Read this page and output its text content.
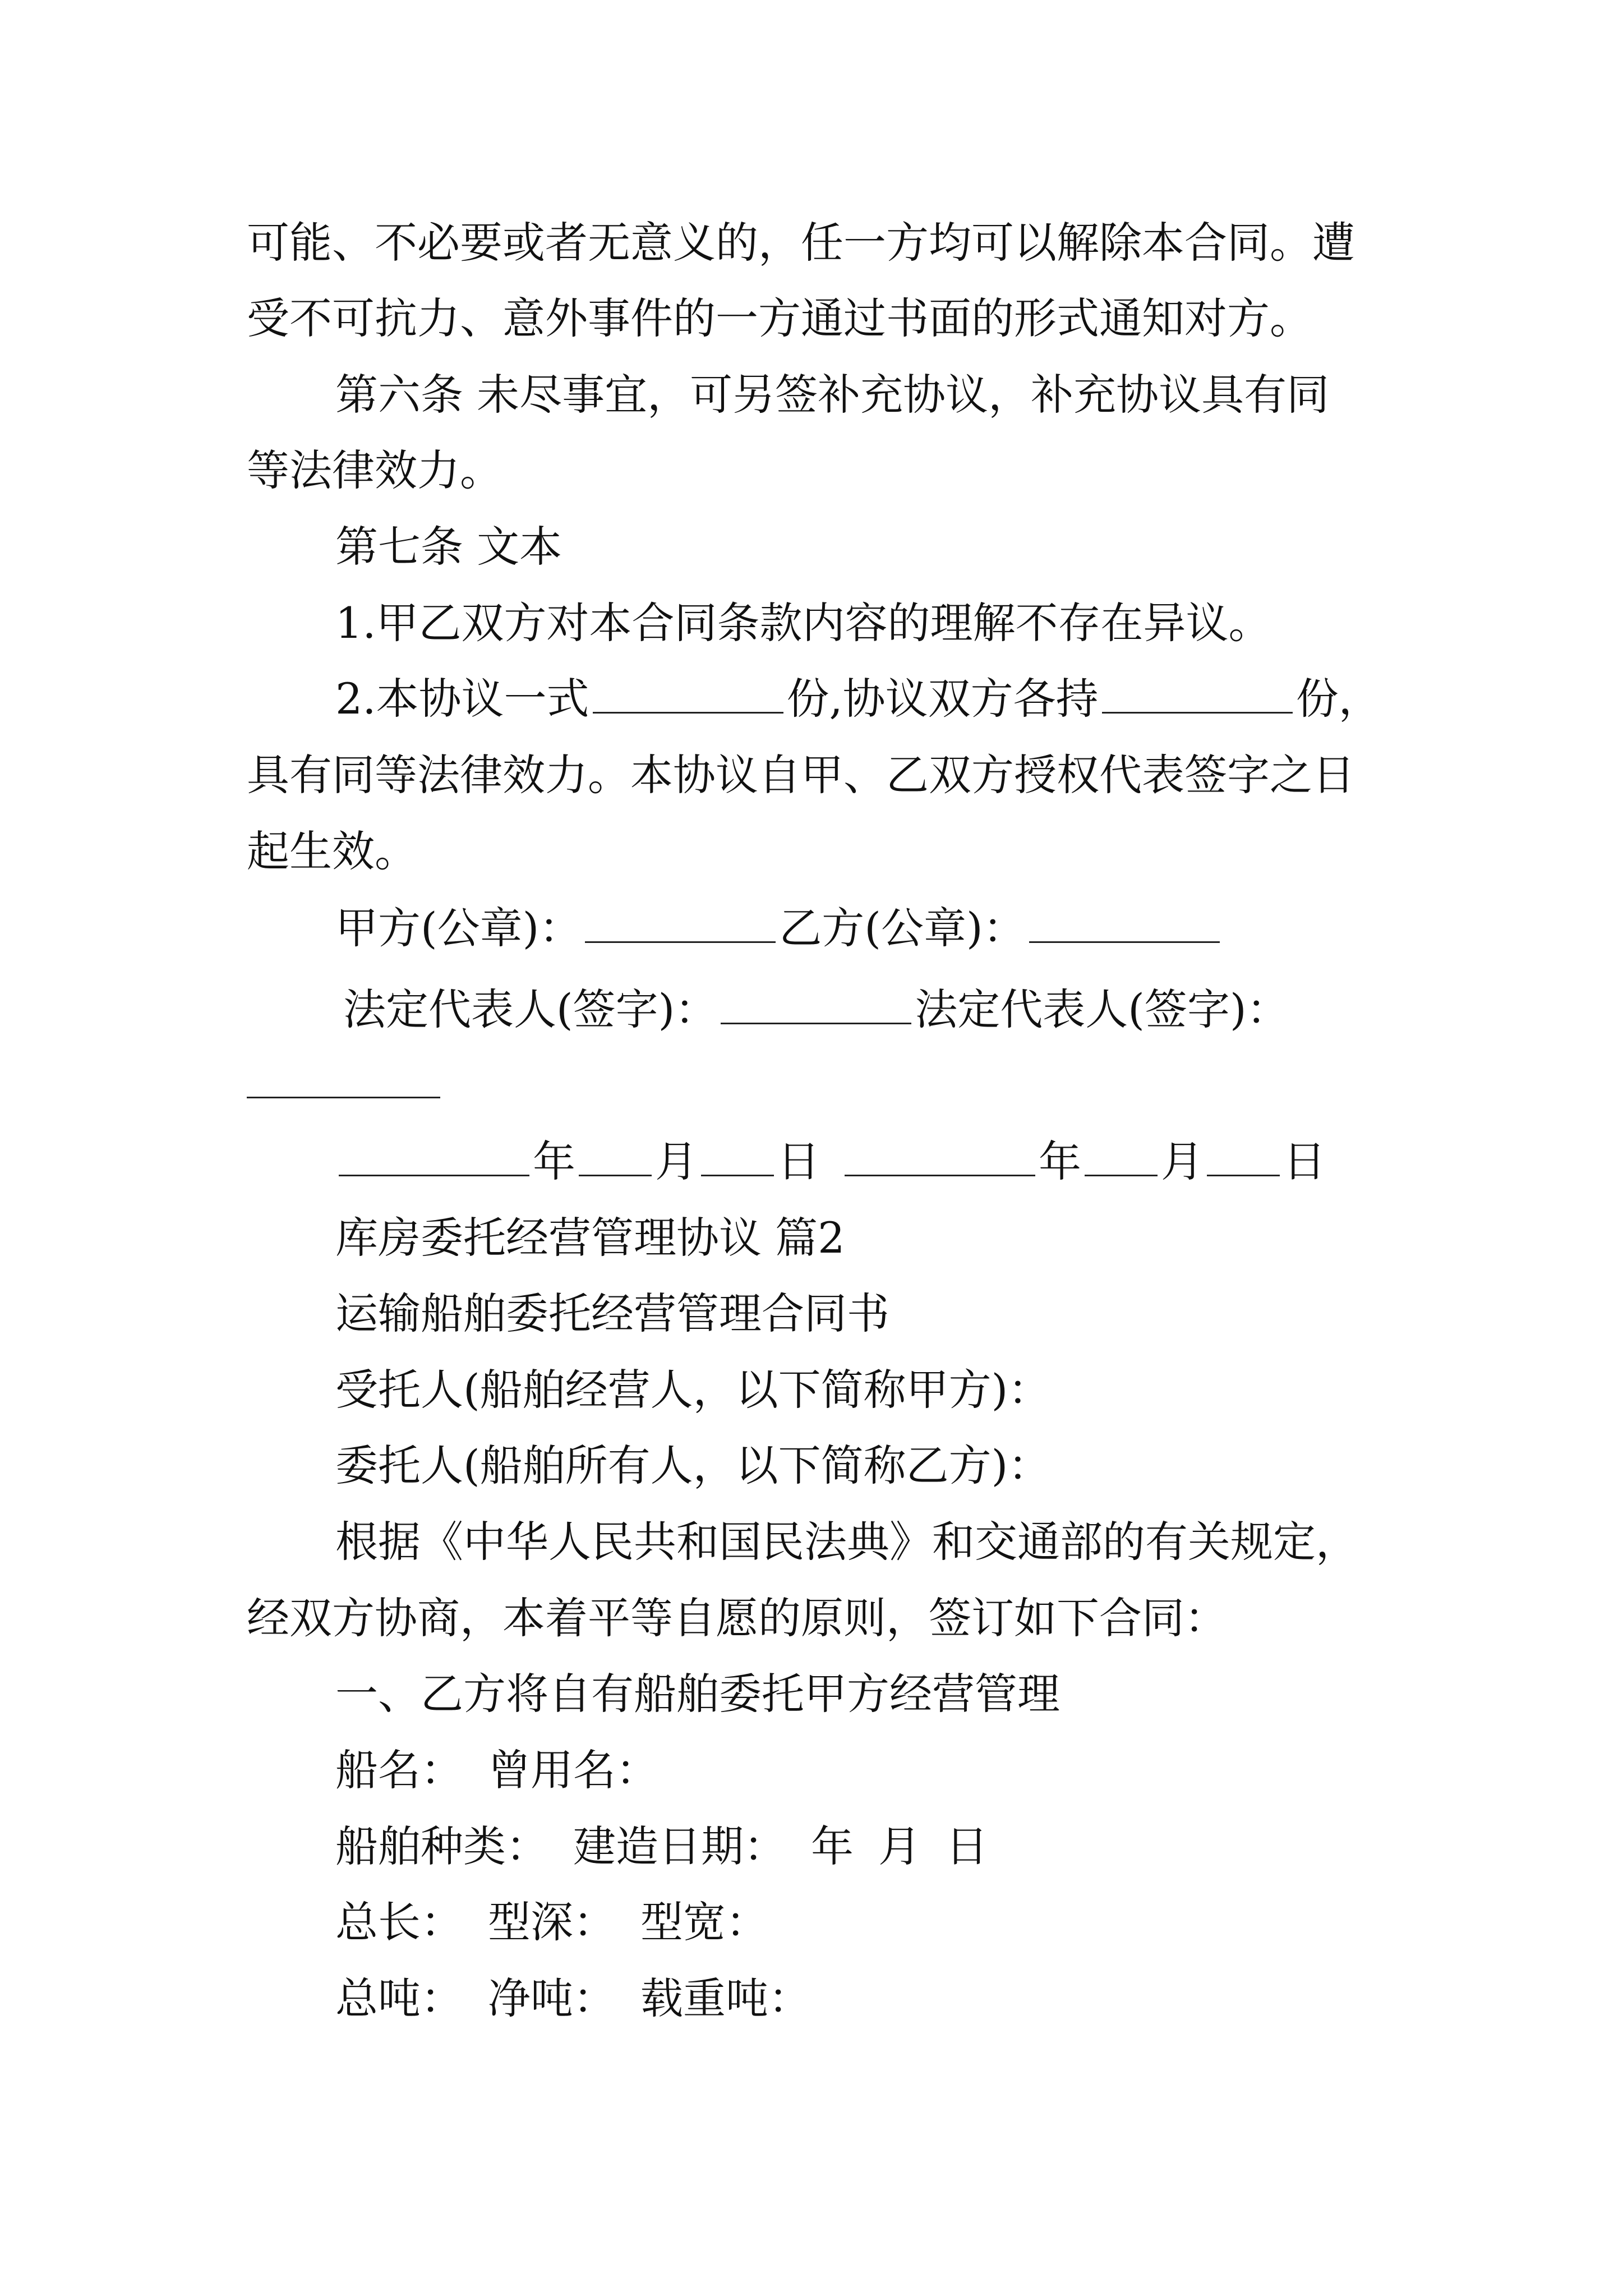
可能、不必要或者无意义的，任一方均可以解除本合同。遭
受不可抗力、意外事件的一方通过书面的形式通知对方。
第六条 未尽事宜，可另签补充协议，补充协议具有同
等法律效力。
第七条 文本
1.甲乙双方对本合同条款内容的理解不存在异议。
2.本协议一式	份,协议双方各持	份，
具有同等法律效力。本协议自甲、乙双方授权代表签字之日
起生效。
甲方(公章)：	乙方(公章)：
法定代表人(签字)：	法定代表人(签字)：
年 月 日	年 月 日
库房委托经营管理协议 篇2
运输船舶委托经营管理合同书
受托人(船舶经营人，以下简称甲方)：
委托人(船舶所有人，以下简称乙方)：
根据《中华人民共和国民法典》和交通部的有关规定，
经双方协商，本着平等自愿的原则，签订如下合同：
一、乙方将自有船舶委托甲方经营管理
船名： 曾用名：
船舶种类： 建造日期： 年 月 日
总长： 型深： 型宽：
总吨： 净吨： 载重吨：
